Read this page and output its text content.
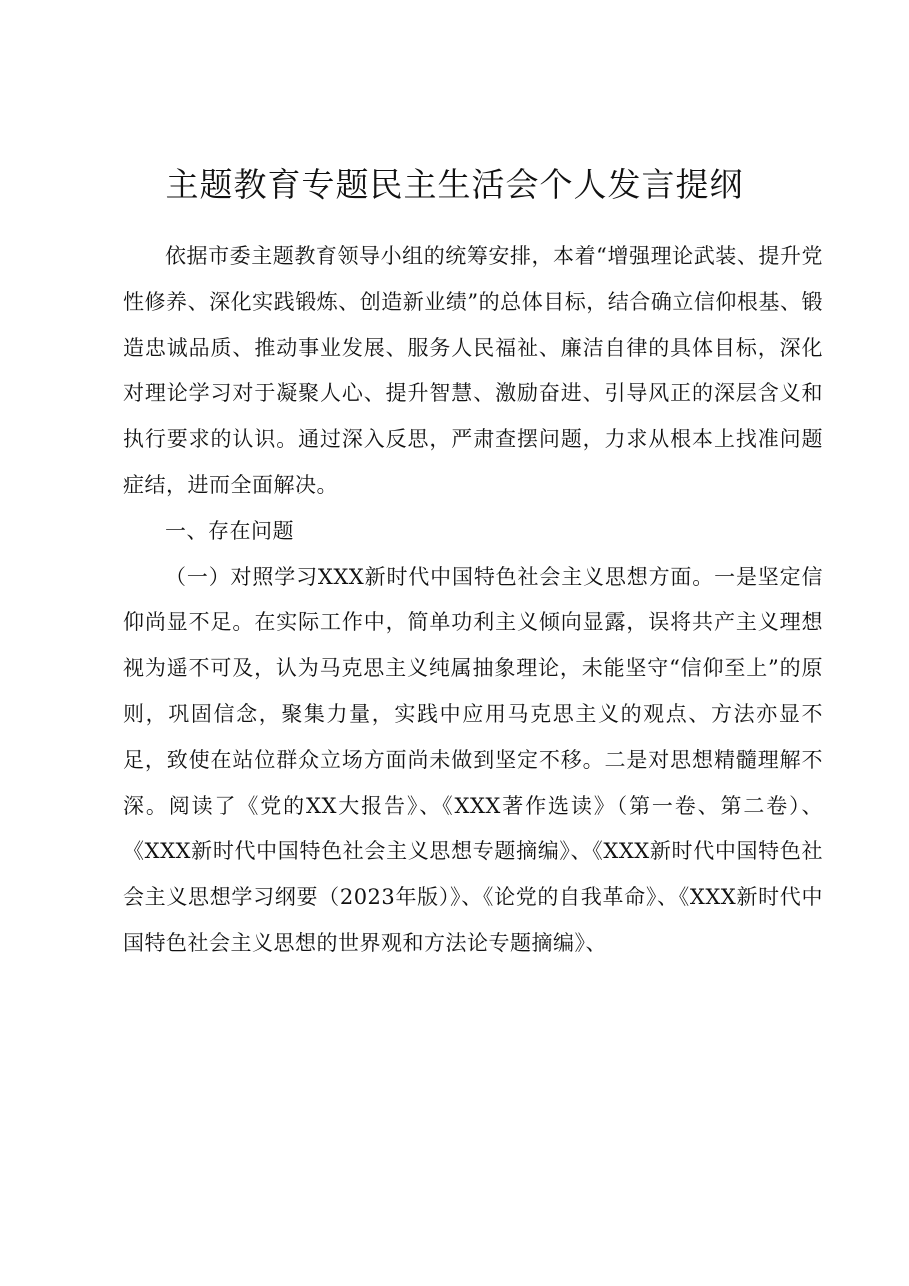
主题教育专题民主生活会个人发言提纲

依据市委主题教育领导小组的统筹安排，本着“增强理论武装、提升党性修养、深化实践锻炼、创造新业绩”的总体目标，结合确立信仰根基、锻造忠诚品质、推动事业发展、服务人民福祉、廉洁自律的具体目标，深化对理论学习对于凝聚人心、提升智慧、激励奋进、引导风正的深层含义和执行要求的认识。通过深入反思，严肃查摆问题，力求从根本上找准问题症结，进而全面解决。

一、存在问题

（一）对照学习XXX新时代中国特色社会主义思想方面。一是坚定信仰尚显不足。在实际工作中，简单功利主义倾向显露，误将共产主义理想视为遥不可及，认为马克思主义纯属抽象理论，未能坚守“信仰至上”的原则，巩固信念，聚集力量，实践中应用马克思主义的观点、方法亦显不足，致使在站位群众立场方面尚未做到坚定不移。二是对思想精髓理解不深。阅读了《党的XX大报告》、《XXX著作选读》（第一卷、第二卷）、《XXX新时代中国特色社会主义思想专题摘编》、《XXX新时代中国特色社会主义思想学习纲要（2023年版）》、《论党的自我革命》、《XXX新时代中国特色社会主义思想的世界观和方法论专题摘编》、
